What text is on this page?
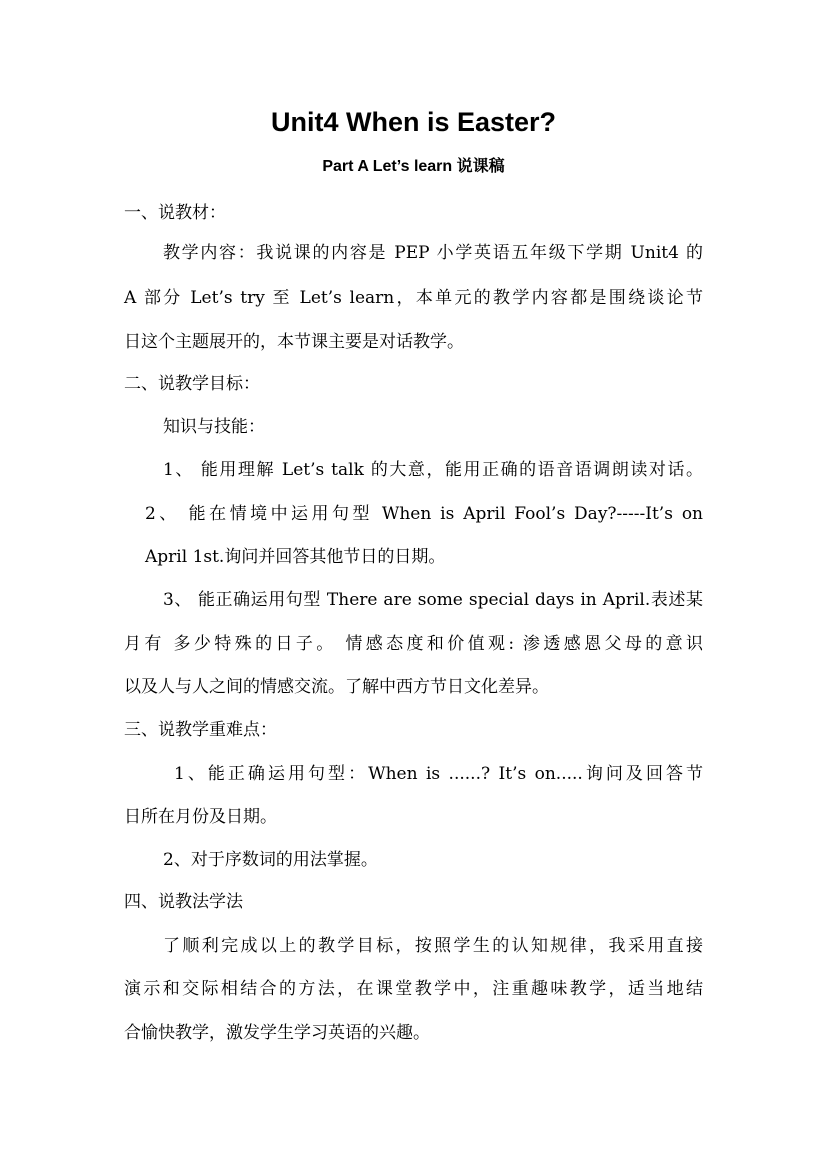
Unit4 When is Easter?
Part A Let’s learn 说课稿
一、说教材：
教学内容：我说课的内容是 PEP 小学英语五年级下学期 Unit4 的
A 部分 Let’s try 至 Let’s learn，本单元的教学内容都是围绕谈论节
日这个主题展开的，本节课主要是对话教学。
二、说教学目标：
知识与技能：
1、 能用理解 Let’s talk 的大意，能用正确的语音语调朗读对话。
2、 能在情境中运用句型 When is April Fool’s Day?-----It’s on
April 1st.询问并回答其他节日的日期。
3、 能正确运用句型 There are some special days in April.表述某
月有 多少特殊的日子。 情感态度和价值观: 渗透感恩父母的意识
以及人与人之间的情感交流。了解中西方节日文化差异。
三、说教学重难点：
1、能正确运用句型：When is ......? It’s on.....询问及回答节
日所在月份及日期。
2、对于序数词的用法掌握。
四、说教法学法
了顺利完成以上的教学目标，按照学生的认知规律，我采用直接
演示和交际相结合的方法，在课堂教学中，注重趣味教学，适当地结
合愉快教学，激发学生学习英语的兴趣。
